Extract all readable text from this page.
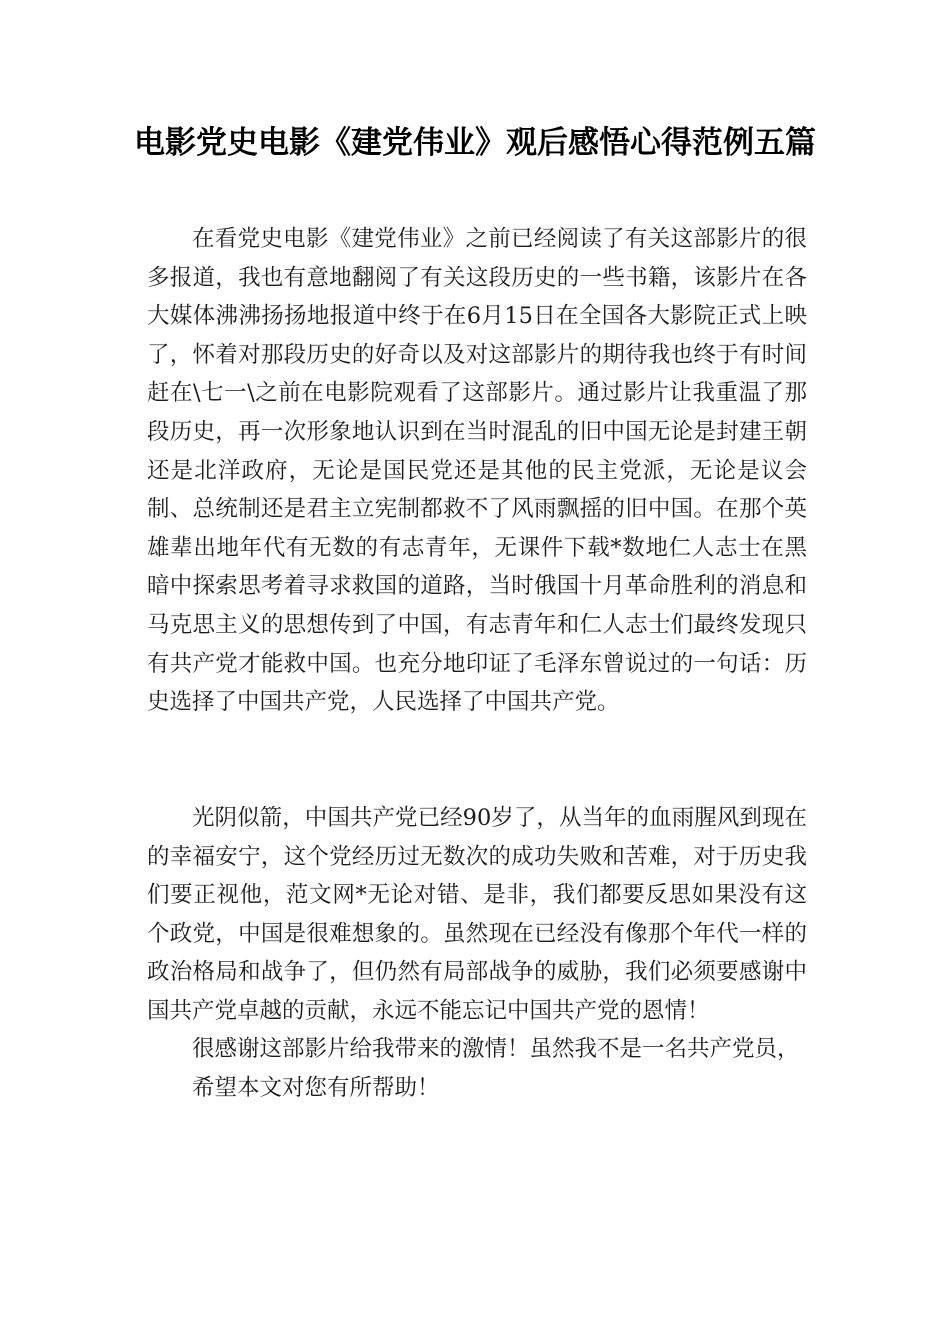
电影党史电影《建党伟业》观后感悟心得范例五篇

在看党史电影《建党伟业》之前已经阅读了有关这部影片的很多报道，我也有意地翻阅了有关这段历史的一些书籍，该影片在各大媒体沸沸扬扬地报道中终于在6月15日在全国各大影院正式上映了，怀着对那段历史的好奇以及对这部影片的期待我也终于有时间赶在\七一\之前在电影院观看了这部影片。通过影片让我重温了那段历史，再一次形象地认识到在当时混乱的旧中国无论是封建王朝还是北洋政府，无论是国民党还是其他的民主党派，无论是议会制、总统制还是君主立宪制都救不了风雨飘摇的旧中国。在那个英雄辈出地年代有无数的有志青年，无课件下载*数地仁人志士在黑暗中探索思考着寻求救国的道路，当时俄国十月革命胜利的消息和马克思主义的思想传到了中国，有志青年和仁人志士们最终发现只有共产党才能救中国。也充分地印证了毛泽东曾说过的一句话：历史选择了中国共产党，人民选择了中国共产党。

光阴似箭，中国共产党已经90岁了，从当年的血雨腥风到现在的幸福安宁，这个党经历过无数次的成功失败和苦难，对于历史我们要正视他，范文网*无论对错、是非，我们都要反思如果没有这个政党，中国是很难想象的。虽然现在已经没有像那个年代一样的政治格局和战争了，但仍然有局部战争的威胁，我们必须要感谢中国共产党卓越的贡献，永远不能忘记中国共产党的恩情！

很感谢这部影片给我带来的激情！虽然我不是一名共产党员，

希望本文对您有所帮助！
